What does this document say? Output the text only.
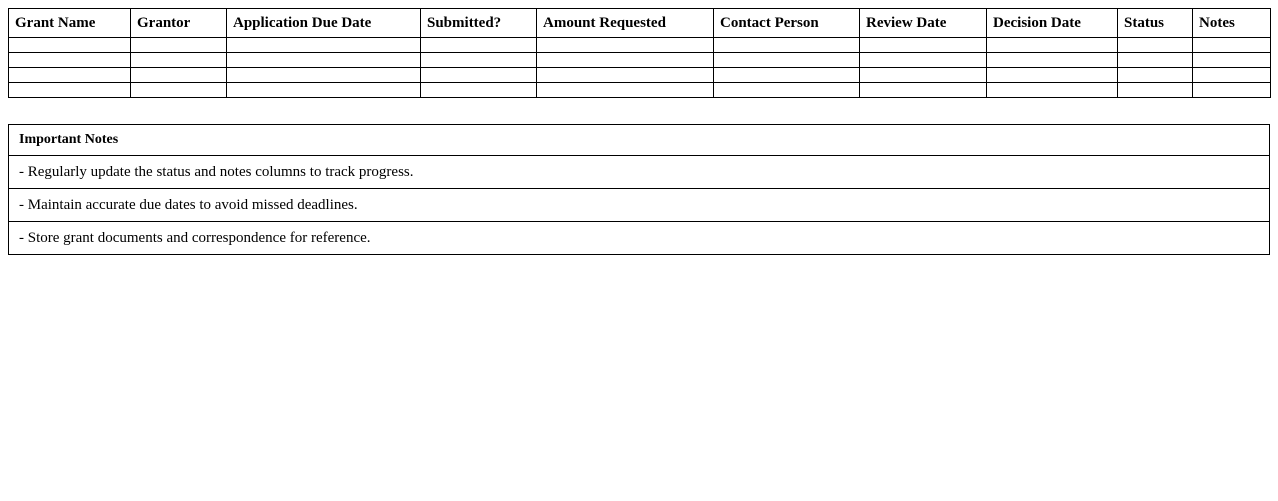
Grant Name	Grantor	Application Due Date	Submitted?	Amount Requested	Contact Person	Review Date	Decision Date	Status	Notes

Important Notes
- Regularly update the status and notes columns to track progress.
- Maintain accurate due dates to avoid missed deadlines.
- Store grant documents and correspondence for reference.
